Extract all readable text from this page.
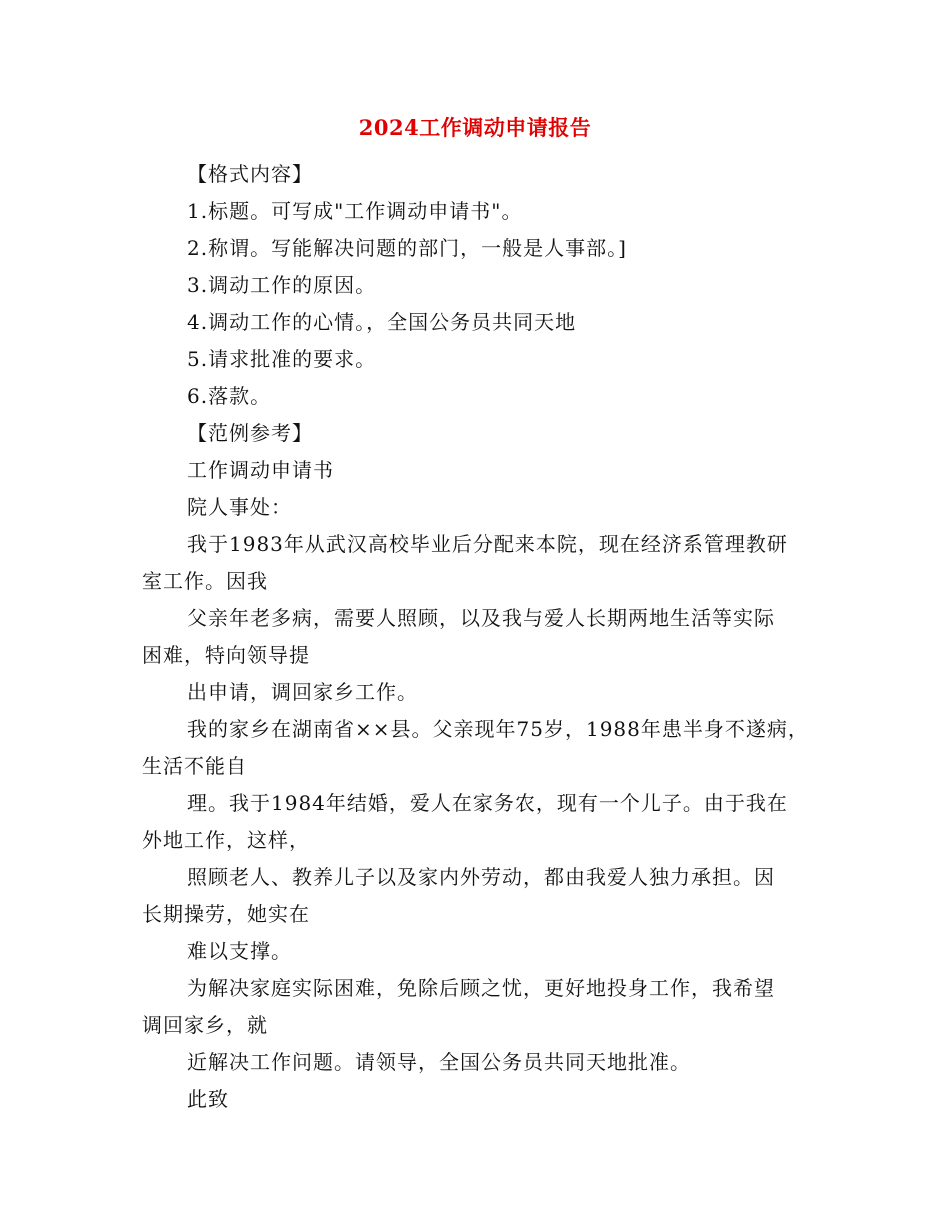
2024工作调动申请报告
【格式内容】
1.标题。可写成"工作调动申请书"。
2.称谓。写能解决问题的部门，一般是人事部。]
3.调动工作的原因。
4.调动工作的心情。，全国公务员共同天地
5.请求批准的要求。
6.落款。
【范例参考】
工作调动申请书
院人事处：
我于1983年从武汉高校毕业后分配来本院，现在经济系管理教研
室工作。因我
父亲年老多病，需要人照顾，以及我与爱人长期两地生活等实际
困难，特向领导提
出申请，调回家乡工作。
我的家乡在湖南省××县。父亲现年75岁，1988年患半身不遂病，
生活不能自
理。我于1984年结婚，爱人在家务农，现有一个儿子。由于我在
外地工作，这样，
照顾老人、教养儿子以及家内外劳动，都由我爱人独力承担。因
长期操劳，她实在
难以支撑。
为解决家庭实际困难，免除后顾之忧，更好地投身工作，我希望
调回家乡，就
近解决工作问题。请领导，全国公务员共同天地批准。
此致
